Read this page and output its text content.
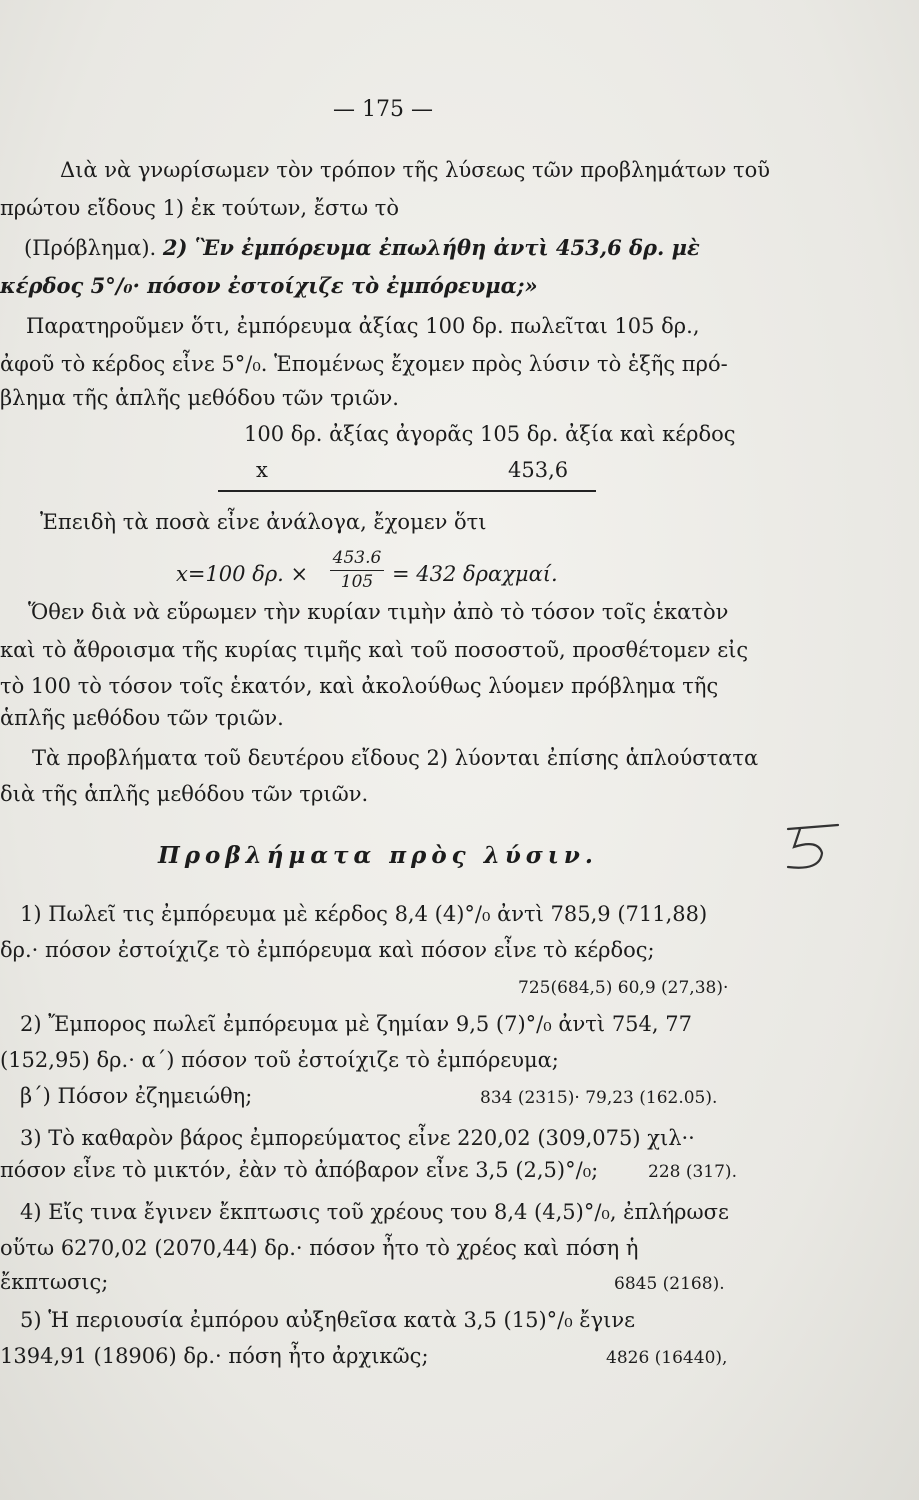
— 175 —
Διὰ νὰ γνωρίσωμεν τὸν τρόπον τῆς λύσεως τῶν προβλημάτων τοῦ
πρώτου εἴδους 1) ἐκ τούτων, ἔστω τὸ
(Πρόβλημα). 2) Ἓν ἐμπόρευμα ἐπωλήθη ἀντὶ 453,6 δρ. μὲ
κέρδος 5°/₀· πόσον ἐστοίχιζε τὸ ἐμπόρευμα;»
Παρατηροῦμεν ὅτι, ἐμπόρευμα ἀξίας 100 δρ. πωλεῖται 105 δρ.,
ἀφοῦ τὸ κέρδος εἶνε 5°/₀. Ἑπομένως ἔχομεν πρὸς λύσιν τὸ ἑξῆς πρό-
βλημα τῆς ἁπλῆς μεθόδου τῶν τριῶν.
100 δρ. ἀξίας ἀγορᾶς 105 δρ. ἀξία καὶ κέρδος
x	453,6
Ἐπειδὴ τὰ ποσὰ εἶνε ἀνάλογα, ἔχομεν ὅτι
x=100 δρ. ×
453.6
105 = 432 δραχμαί.
Ὅθεν διὰ νὰ εὕρωμεν τὴν κυρίαν τιμὴν ἀπὸ τὸ τόσον τοῖς ἑκατὸν
καὶ τὸ ἄθροισμα τῆς κυρίας τιμῆς καὶ τοῦ ποσοστοῦ, προσθέτομεν εἰς
τὸ 100 τὸ τόσον τοῖς ἑκατόν, καὶ ἀκολούθως λύομεν πρόβλημα τῆς
ἁπλῆς μεθόδου τῶν τριῶν.
Τὰ προβλήματα τοῦ δευτέρου εἴδους 2) λύονται ἐπίσης ἁπλούστατα
διὰ τῆς ἁπλῆς μεθόδου τῶν τριῶν.
Προβλήματα πρὸς λύσιν.
1) Πωλεῖ τις ἐμπόρευμα μὲ κέρδος 8,4 (4)°/₀ ἀντὶ 785,9 (711,88)
δρ.· πόσον ἐστοίχιζε τὸ ἐμπόρευμα καὶ πόσον εἶνε τὸ κέρδος;
725(684,5) 60,9 (27,38)·
2) Ἔμπορος πωλεῖ ἐμπόρευμα μὲ ζημίαν 9,5 (7)°/₀ ἀντὶ 754, 77
(152,95) δρ.· α΄) πόσον τοῦ ἐστοίχιζε τὸ ἐμπόρευμα;
β΄) Πόσον ἐζημειώθη;	834 (2315)· 79,23 (162.05).
3) Τὸ καθαρὸν βάρος ἐμπορεύματος εἶνε 220,02 (309,075) χιλ··
πόσον εἶνε τὸ μικτόν, ἐὰν τὸ ἀπόβαρον εἶνε 3,5 (2,5)°/₀;	228 (317).
4) Εἴς τινα ἔγινεν ἔκπτωσις τοῦ χρέους του 8,4 (4,5)°/₀, ἐπλήρωσε
οὕτω 6270,02 (2070,44) δρ.· πόσον ἦτο τὸ χρέος καὶ πόση ἡ
ἔκπτωσις;	6845 (2168).
5) Ἡ περιουσία ἐμπόρου αὐξηθεῖσα κατὰ 3,5 (15)°/₀ ἔγινε
1394,91 (18906) δρ.· πόση ἦτο ἀρχικῶς;	4826 (16440),
